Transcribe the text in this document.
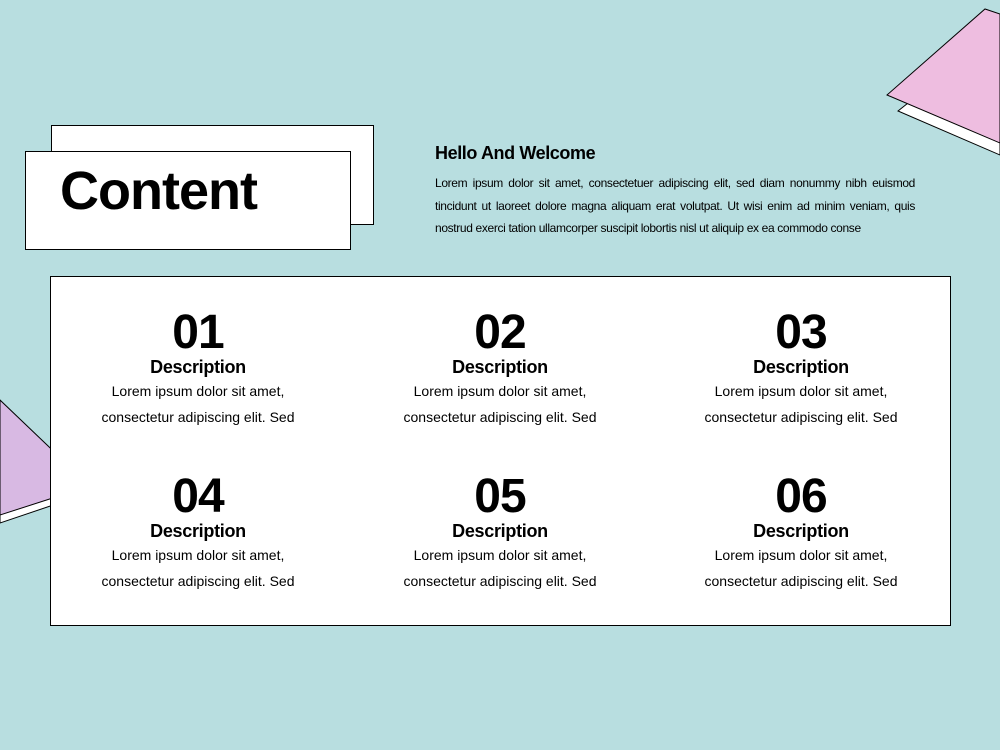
Content
Hello And Welcome

Lorem ipsum dolor sit amet, consectetuer adipiscing elit, sed diam nonummy nibh euismod tincidunt ut laoreet dolore magna aliquam erat volutpat. Ut wisi enim ad minim veniam, quis nostrud exerci tation ullamcorper suscipit lobortis nisl ut aliquip ex ea commodo conse

01
Description
Lorem ipsum dolor sit amet,
consectetur adipiscing elit. Sed
02
Description
Lorem ipsum dolor sit amet,
consectetur adipiscing elit. Sed
03
Description
Lorem ipsum dolor sit amet,
consectetur adipiscing elit. Sed
04
Description
Lorem ipsum dolor sit amet,
consectetur adipiscing elit. Sed
05
Description
Lorem ipsum dolor sit amet,
consectetur adipiscing elit. Sed
06
Description
Lorem ipsum dolor sit amet,
consectetur adipiscing elit. Sed
